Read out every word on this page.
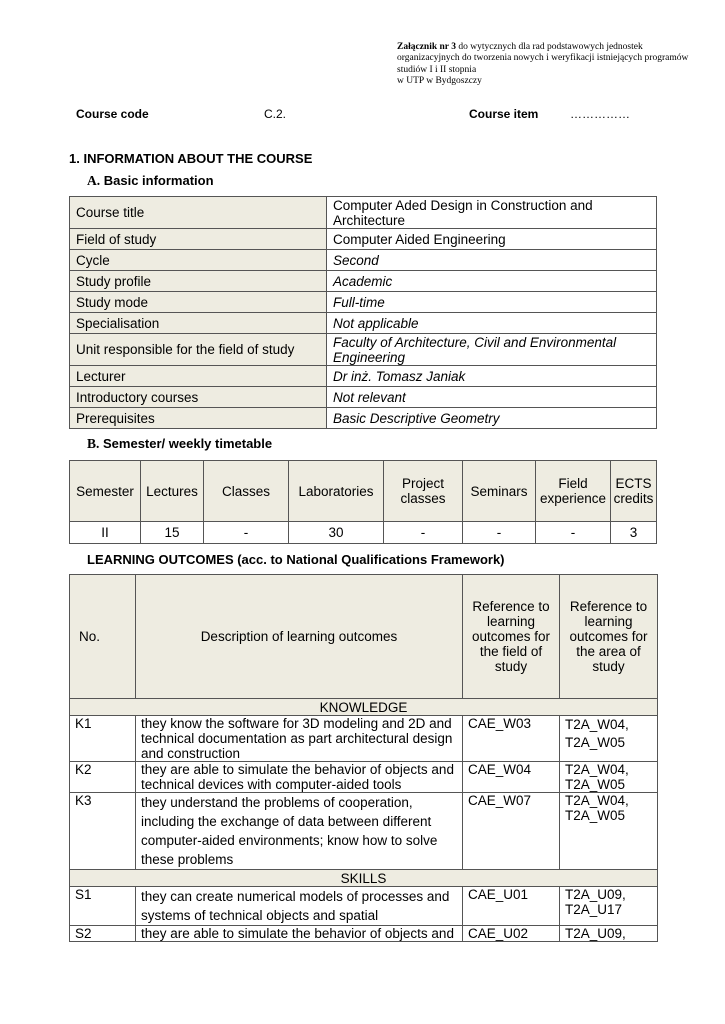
Załącznik nr 3 do wytycznych dla rad podstawowych jednostek organizacyjnych do tworzenia nowych i weryfikacji istniejących programów studiów I i II stopnia
w UTP w Bydgoszczy
Course code	C.2.	Course item	……………
1. INFORMATION ABOUT THE COURSE
A. Basic information
Course title	Computer Aded Design in Construction and Architecture
Field of study	Computer Aided Engineering
Cycle	Second
Study profile	Academic
Study mode	Full-time
Specialisation	Not applicable
Unit responsible for the field of study	Faculty of Architecture, Civil and Environmental Engineering
Lecturer	Dr inż. Tomasz Janiak
Introductory courses	Not relevant
Prerequisites	Basic Descriptive Geometry
B. Semester/ weekly timetable
Semester	Lectures	Classes	Laboratories	Project classes	Seminars	Field experience	ECTS credits
II	15	-	30	-	-	-	3
LEARNING OUTCOMES (acc. to National Qualifications Framework)
No.	Description of learning outcomes	Reference to learning outcomes for the field of study	Reference to learning outcomes for the area of study
KNOWLEDGE			
K1	they know the software for 3D modeling and 2D and technical documentation as part architectural design and construction	CAE_W03	T2A_W04, T2A_W05
K2	they are able to simulate the behavior of objects and technical devices with computer-aided tools	CAE_W04	T2A_W04, T2A_W05
K3	they understand the problems of cooperation, including the exchange of data between different computer-aided environments; know how to solve these problems	CAE_W07	T2A_W04, T2A_W05
SKILLS			
S1	they can create numerical models of processes and systems of technical objects and spatial	CAE_U01	T2A_U09, T2A_U17
S2	they are able to simulate the behavior of objects and	CAE_U02	T2A_U09,
